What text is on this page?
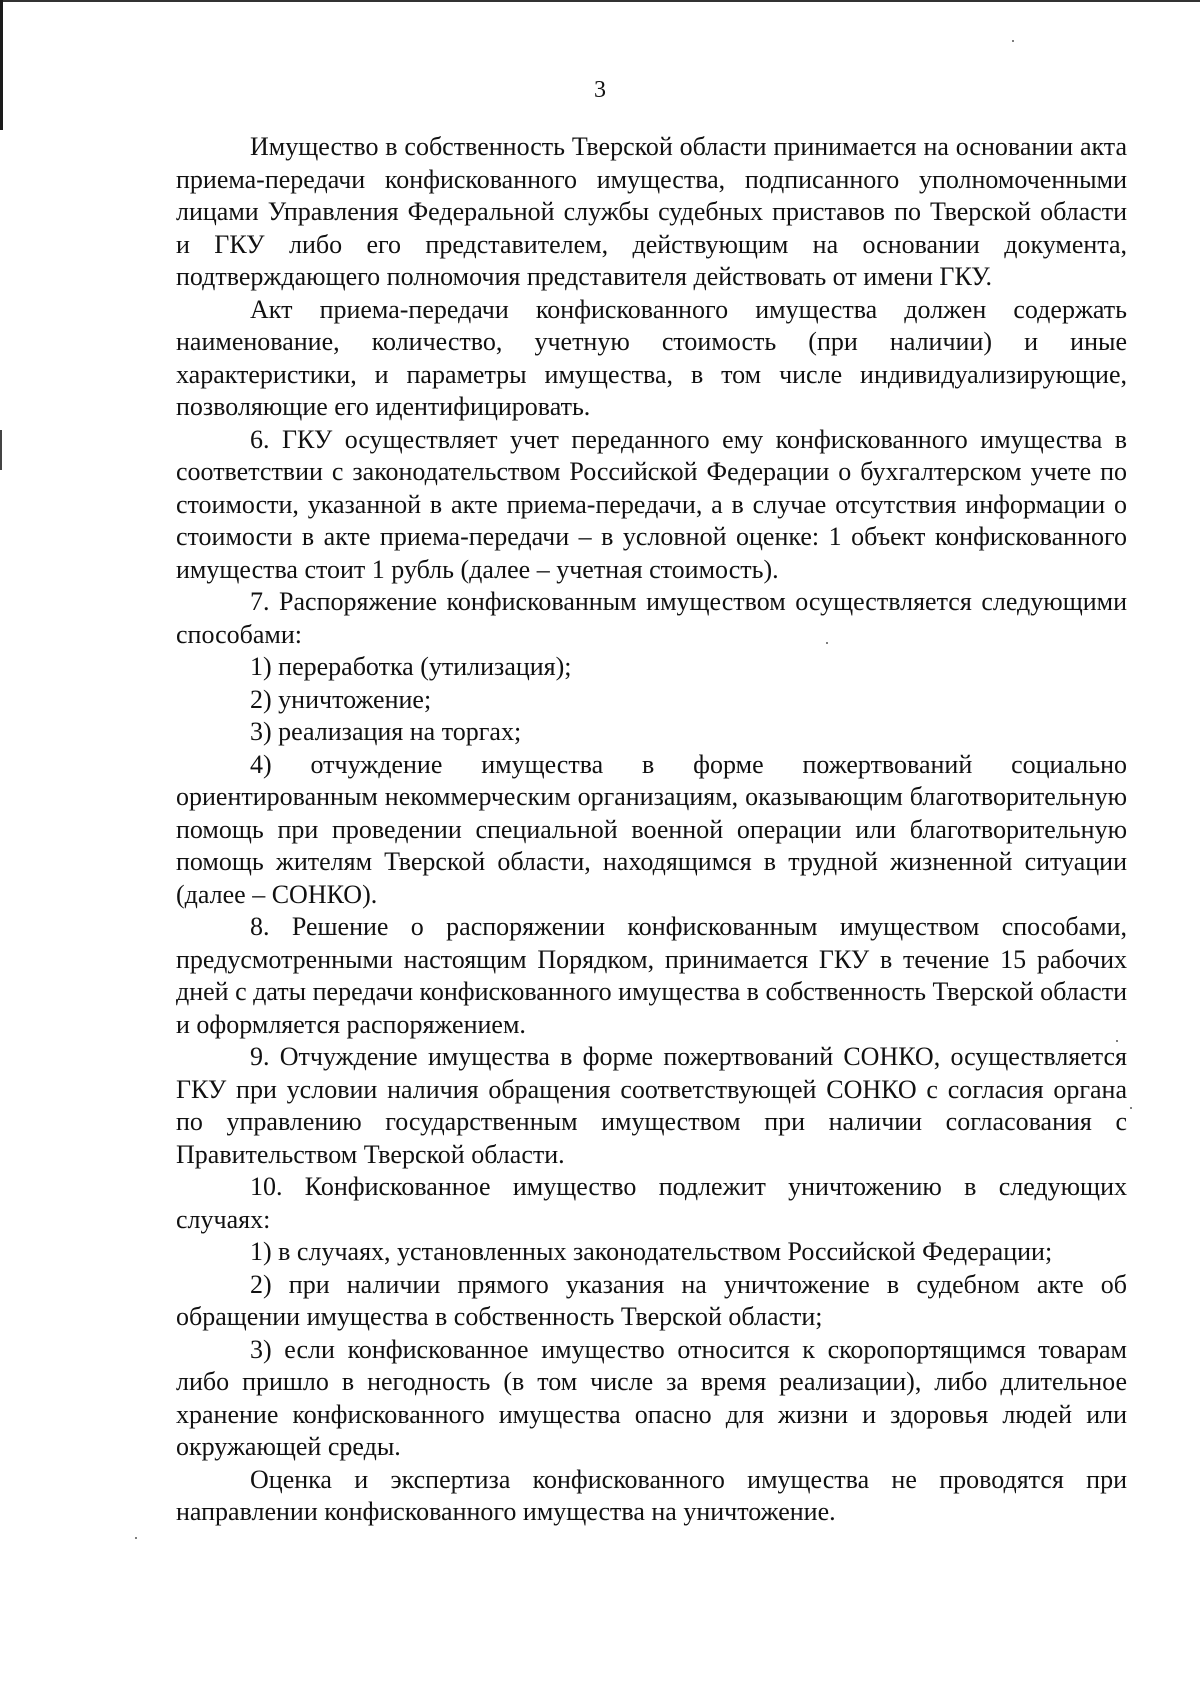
3

Имущество в собственность Тверской области принимается на основании акта приема-передачи конфискованного имущества, подписанного уполномоченными лицами Управления Федеральной службы судебных приставов по Тверской области и ГКУ либо его представителем, действующим на основании документа, подтверждающего полномочия представителя действовать от имени ГКУ.

Акт приема-передачи конфискованного имущества должен содержать наименование, количество, учетную стоимость (при наличии) и иные характеристики, и параметры имущества, в том числе индивидуализирующие, позволяющие его идентифицировать.

6. ГКУ осуществляет учет переданного ему конфискованного имущества в соответствии с законодательством Российской Федерации о бухгалтерском учете по стоимости, указанной в акте приема-передачи, а в случае отсутствия информации о стоимости в акте приема-передачи – в условной оценке: 1 объект конфискованного имущества стоит 1 рубль (далее – учетная стоимость).

7. Распоряжение конфискованным имуществом осуществляется следующими способами:

1) переработка (утилизация);

2) уничтожение;

3) реализация на торгах;

4) отчуждение имущества в форме пожертвований социально ориентированным некоммерческим организациям, оказывающим благотворительную помощь при проведении специальной военной операции или благотворительную помощь жителям Тверской области, находящимся в трудной жизненной ситуации (далее – СОНКО).

8. Решение о распоряжении конфискованным имуществом способами, предусмотренными настоящим Порядком, принимается ГКУ в течение 15 рабочих дней с даты передачи конфискованного имущества в собственность Тверской области и оформляется распоряжением.

9. Отчуждение имущества в форме пожертвований СОНКО, осуществляется ГКУ при условии наличия обращения соответствующей СОНКО с согласия органа по управлению государственным имуществом при наличии согласования с Правительством Тверской области.

10. Конфискованное имущество подлежит уничтожению в следующих случаях:

1) в случаях, установленных законодательством Российской Федерации;

2) при наличии прямого указания на уничтожение в судебном акте об обращении имущества в собственность Тверской области;

3) если конфискованное имущество относится к скоропортящимся товарам либо пришло в негодность (в том числе за время реализации), либо длительное хранение конфискованного имущества опасно для жизни и здоровья людей или окружающей среды.

Оценка и экспертиза конфискованного имущества не проводятся при направлении конфискованного имущества на уничтожение.
